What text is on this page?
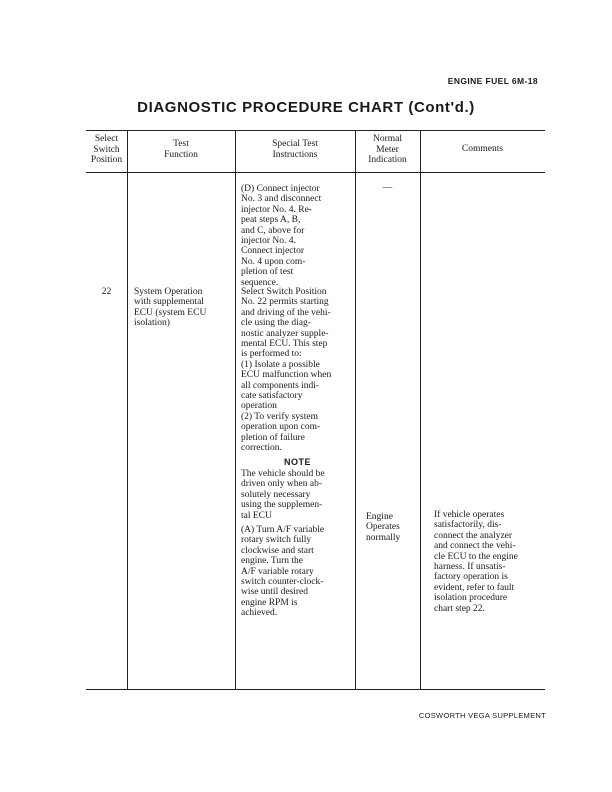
ENGINE FUEL 6M-18
DIAGNOSTIC PROCEDURE CHART (Cont'd.)
Select
Switch
Position
Test
Function
Special Test
Instructions
Normal
Meter
Indication
Comments
(D) Connect injector
No. 3 and disconnect
injector No. 4. Re-
peat steps A, B,
and C, above for
injector No. 4.
Connect injector
No. 4 upon com-
pletion of test
sequence.
—
22	System Operation
with supplemental
ECU (system ECU
isolation)
Select Switch Position
No. 22 permits starting
and driving of the vehi-
cle using the diag-
nostic analyzer supple-
mental ECU. This step
is performed to:
(1) Isolate a possible
ECU malfunction when
all components indi-
cate satisfactory
operation
(2) To verify system
operation upon com-
pletion of failure
correction.
NOTE
The vehicle should be
driven only when ab-
solutely necessary
using the supplemen-
tal ECU
(A) Turn A/F variable
rotary switch fully
clockwise and start
engine. Turn the
A/F variable rotary
switch counter-clock-
wise until desired
engine RPM is
achieved.
Engine
Operates
normally
If vehicle operates
satisfactorily, dis-
connect the analyzer
and connect the vehi-
cle ECU to the engine
harness. If unsatis-
factory operation is
evident, refer to fault
isolation procedure
chart step 22.
COSWORTH VEGA SUPPLEMENT
